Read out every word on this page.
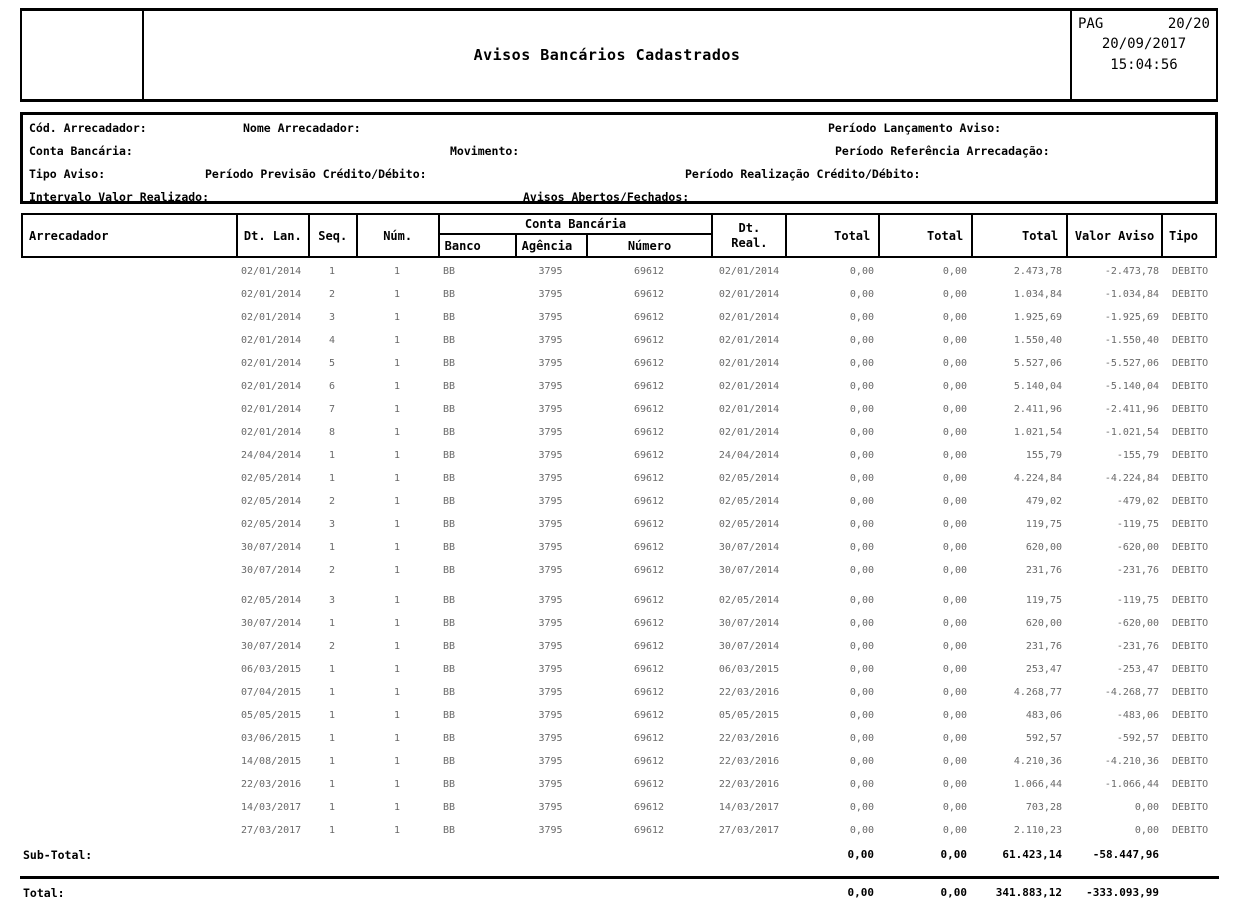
Avisos Bancários Cadastrados
PAG	20/20
20/09/2017
15:04:56
Cód. Arrecadador:	Nome Arrecadador:	Período Lançamento Aviso:
Conta Bancária:	Movimento:	Período Referência Arrecadação:
Tipo Aviso:	Período Previsão Crédito/Débito:	Período Realização Crédito/Débito:
Intervalo Valor Realizado:	Avisos Abertos/Fechados:
Arrecadador	Dt. Lan.	Seq.	Núm.
Conta Bancária
Banco	Agência	Número
Dt.
Real.	Total	Total	Total	Valor Aviso	Tipo
02/01/2014	1	1	BB	3795	69612	02/01/2014	0,00	0,00	2.473,78	-2.473,78	DÉBITO
02/01/2014	2	1	BB	3795	69612	02/01/2014	0,00	0,00	1.034,84	-1.034,84	DÉBITO
02/01/2014	3	1	BB	3795	69612	02/01/2014	0,00	0,00	1.925,69	-1.925,69	DÉBITO
02/01/2014	4	1	BB	3795	69612	02/01/2014	0,00	0,00	1.550,40	-1.550,40	DÉBITO
02/01/2014	5	1	BB	3795	69612	02/01/2014	0,00	0,00	5.527,06	-5.527,06	DÉBITO
02/01/2014	6	1	BB	3795	69612	02/01/2014	0,00	0,00	5.140,04	-5.140,04	DÉBITO
02/01/2014	7	1	BB	3795	69612	02/01/2014	0,00	0,00	2.411,96	-2.411,96	DÉBITO
02/01/2014	8	1	BB	3795	69612	02/01/2014	0,00	0,00	1.021,54	-1.021,54	DÉBITO
24/04/2014	1	1	BB	3795	69612	24/04/2014	0,00	0,00	155,79	-155,79	DÉBITO
02/05/2014	1	1	BB	3795	69612	02/05/2014	0,00	0,00	4.224,84	-4.224,84	DÉBITO
02/05/2014	2	1	BB	3795	69612	02/05/2014	0,00	0,00	479,02	-479,02	DÉBITO
02/05/2014	3	1	BB	3795	69612	02/05/2014	0,00	0,00	119,75	-119,75	DÉBITO
30/07/2014	1	1	BB	3795	69612	30/07/2014	0,00	0,00	620,00	-620,00	DÉBITO
30/07/2014	2	1	BB	3795	69612	30/07/2014	0,00	0,00	231,76	-231,76	DÉBITO
02/05/2014	3	1	BB	3795	69612	02/05/2014	0,00	0,00	119,75	-119,75	DÉBITO
30/07/2014	1	1	BB	3795	69612	30/07/2014	0,00	0,00	620,00	-620,00	DÉBITO
30/07/2014	2	1	BB	3795	69612	30/07/2014	0,00	0,00	231,76	-231,76	DÉBITO
06/03/2015	1	1	BB	3795	69612	06/03/2015	0,00	0,00	253,47	-253,47	DÉBITO
07/04/2015	1	1	BB	3795	69612	22/03/2016	0,00	0,00	4.268,77	-4.268,77	DÉBITO
05/05/2015	1	1	BB	3795	69612	05/05/2015	0,00	0,00	483,06	-483,06	DÉBITO
03/06/2015	1	1	BB	3795	69612	22/03/2016	0,00	0,00	592,57	-592,57	DÉBITO
14/08/2015	1	1	BB	3795	69612	22/03/2016	0,00	0,00	4.210,36	-4.210,36	DÉBITO
22/03/2016	1	1	BB	3795	69612	22/03/2016	0,00	0,00	1.066,44	-1.066,44	DÉBITO
14/03/2017	1	1	BB	3795	69612	14/03/2017	0,00	0,00	703,28	0,00	DÉBITO
27/03/2017	1	1	BB	3795	69612	27/03/2017	0,00	0,00	2.110,23	0,00	DÉBITO
Sub-Total:	0,00	0,00	61.423,14	-58.447,96
Total:	0,00	0,00	341.883,12	-333.093,99
